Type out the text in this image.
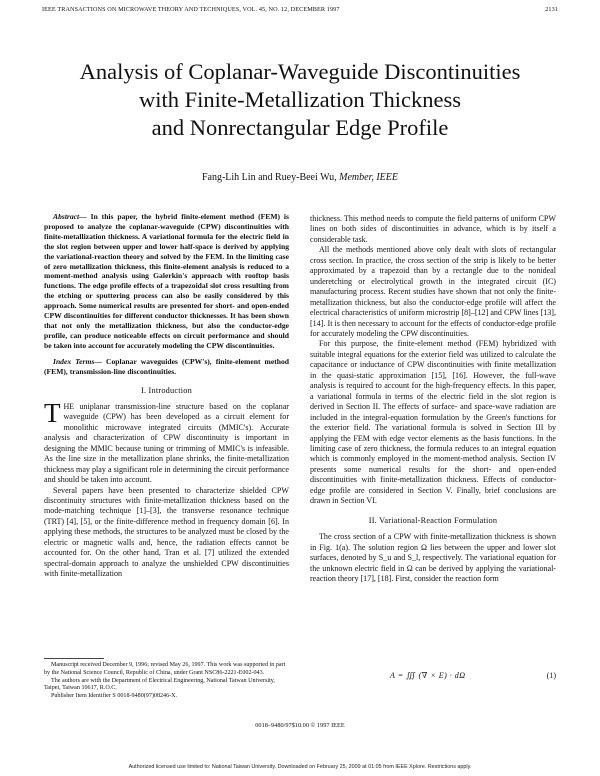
IEEE TRANSACTIONS ON MICROWAVE THEORY AND TECHNIQUES, VOL. 45, NO. 12, DECEMBER 1997	2131
Analysis of Coplanar-Waveguide Discontinuities
with Finite-Metallization Thickness
and Nonrectangular Edge Profile
Fang-Lih Lin and Ruey-Beei Wu, Member, IEEE

Abstract— In this paper, the hybrid finite-element method (FEM) is proposed to analyze the coplanar-waveguide (CPW) discontinuities with finite-metallization thickness. A variational formula for the electric field in the slot region between upper and lower half-space is derived by applying the variational-reaction theory and solved by the FEM. In the limiting case of zero metallization thickness, this finite-element analysis is reduced to a moment-method analysis using Galerkin's approach with rooftop basis functions. The edge profile effects of a trapezoidal slot cross resulting from the etching or sputtering process can also be easily considered by this approach. Some numerical results are presented for short- and open-ended CPW discontinuities for different conductor thicknesses. It has been shown that not only the metallization thickness, but also the conductor-edge profile, can produce noticeable effects on circuit performance and should be taken into account for accurately modeling the CPW discontinuities.

Index Terms— Coplanar waveguides (CPW's), finite-element method (FEM), transmission-line discontinuities.

I. Introduction

THE uniplanar transmission-line structure based on the coplanar waveguide (CPW) has been developed as a circuit element for monolithic microwave integrated circuits (MMIC's). Accurate analysis and characterization of CPW discontinuity is important in designing the MMIC because tuning or trimming of MMIC's is infeasible. As the line size in the metallization plane shrinks, the finite-metallization thickness may play a significant role in determining the circuit performance and should be taken into account.

Several papers have been presented to characterize shielded CPW discontinuity structures with finite-metallization thickness based on the mode-matching technique [1]–[3], the transverse resonance technique (TRT) [4], [5], or the finite-difference method in frequency domain [6]. In applying these methods, the structures to be analyzed must be closed by the electric or magnetic walls and, hence, the radiation effects cannot be accounted for. On the other hand, Tran et al. [7] utilized the extended spectral-domain approach to analyze the unshielded CPW discontinuities with finite-metallization

thickness. This method needs to compute the field patterns of uniform CPW lines on both sides of discontinuities in advance, which is by itself a considerable task.

All the methods mentioned above only dealt with slots of rectangular cross section. In practice, the cross section of the strip is likely to be better approximated by a trapezoid than by a rectangle due to the nonideal underetching or electrolytical growth in the integrated circuit (IC) manufacturing process. Recent studies have shown that not only the finite-metallization thickness, but also the conductor-edge profile will affect the electrical characteristics of uniform microstrip [8]–[12] and CPW lines [13], [14]. It is then necessary to account for the effects of conductor-edge profile for accurately modeling the CPW discontinuities.

For this purpose, the finite-element method (FEM) hybridized with suitable integral equations for the exterior field was utilized to calculate the capacitance or inductance of CPW discontinuities with finite metallization in the quasi-static approximation [15], [16]. However, the full-wave analysis is required to account for the high-frequency effects. In this paper, a variational formula in terms of the electric field in the slot region is derived in Section II. The effects of surface- and space-wave radiation are included in the integral-equation formulation by the Green's functions for the exterior field. The variational formula is solved in Section III by applying the FEM with edge vector elements as the basis functions. In the limiting case of zero thickness, the formula reduces to an integral equation which is commonly employed in the moment-method analysis. Section IV presents some numerical results for the short- and open-ended discontinuities with finite-metallization thickness. Effects of conductor-edge profile are considered in Section V. Finally, brief conclusions are drawn in Section VI.

II. Variational-Reaction Formulation

The cross section of a CPW with finite-metallization thickness is shown in Fig. 1(a). The solution region Ω lies between the upper and lower slot surfaces, denoted by S_u and S_l, respectively. The variational equation for the unknown electric field in Ω can be derived by applying the variational-reaction theory [17], [18]. First, consider the reaction form

A = ∭ (∇ × E) · dΩ	(1)

Manuscript received December 9, 1996; revised May 26, 1997. This work was supported in part by the National Science Council, Republic of China, under Grant NSC86-2221-E002-043.

The authors are with the Department of Electrical Engineering, National Taiwan University, Taipei, Taiwan 10617, R.O.C.

Publisher Item Identifier S 0018-9480(97)08246-X.

0018–9480/97$10.00 © 1997 IEEE
Authorized licensed use limited to: National Taiwan University. Downloaded on February 25, 2009 at 01:05 from IEEE Xplore. Restrictions apply.
